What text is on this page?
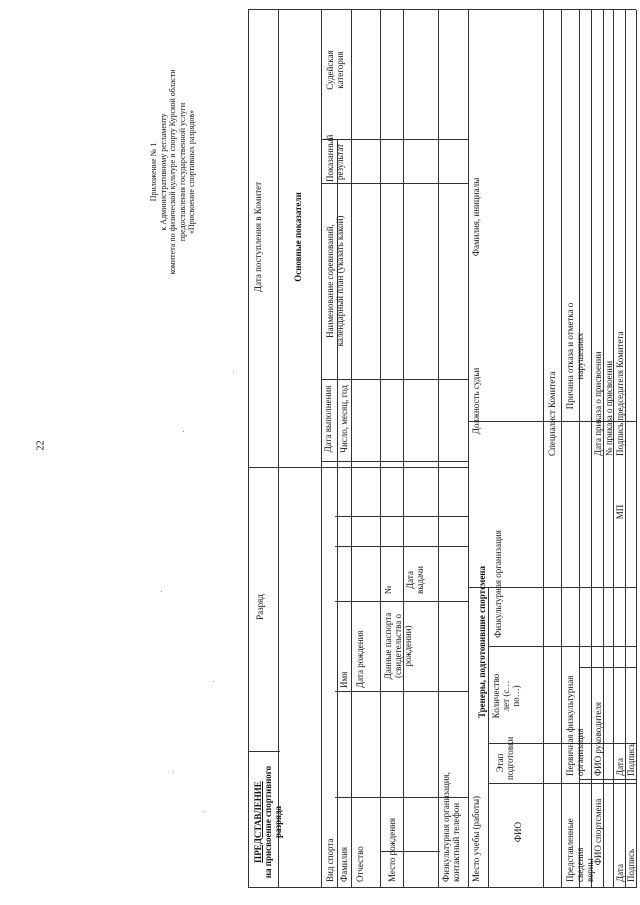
22
Приложение № 1 к Административному регламенту комитета по физической культуре и спорту Курской области предоставления государственной услуги «Присвоение спортивных разрядов»
ПРЕДСТАВЛЕНИЕ на присвоение спортивного разряда
Разряд
Дата поступления в Комитет	Основные показатели
Вид спорта
Дата выполнения
Наименование соревнований, календарный план (указать какой)
Показанный результат
Судейская категория
Фамилия
Имя
Число, месяц, год
Отчество
Дата рождения
Место рождения
Данные паспорта (свидетельства о рождении)
№
Дата выдачи
Физкультурная организация, контактный телефон Место учебы (работы)
Должность судьи
Фамилия, инициалы
Тренеры, подготовившие спортсмена
ФИО
Этап подготовки
Количество лет (с… по…)
Физкультурная организация
Специалист Комитета
Представленные сведения верны
Первичная физкультурная организация
Причина отказа и отметка о нарушениях
ФИО спортсмена
ФИО руководителя
Дата приказа о присвоении № приказа о присвоении
Дата
Дата
МП
Подпись председателя Комитета
Подпись
Подпись
